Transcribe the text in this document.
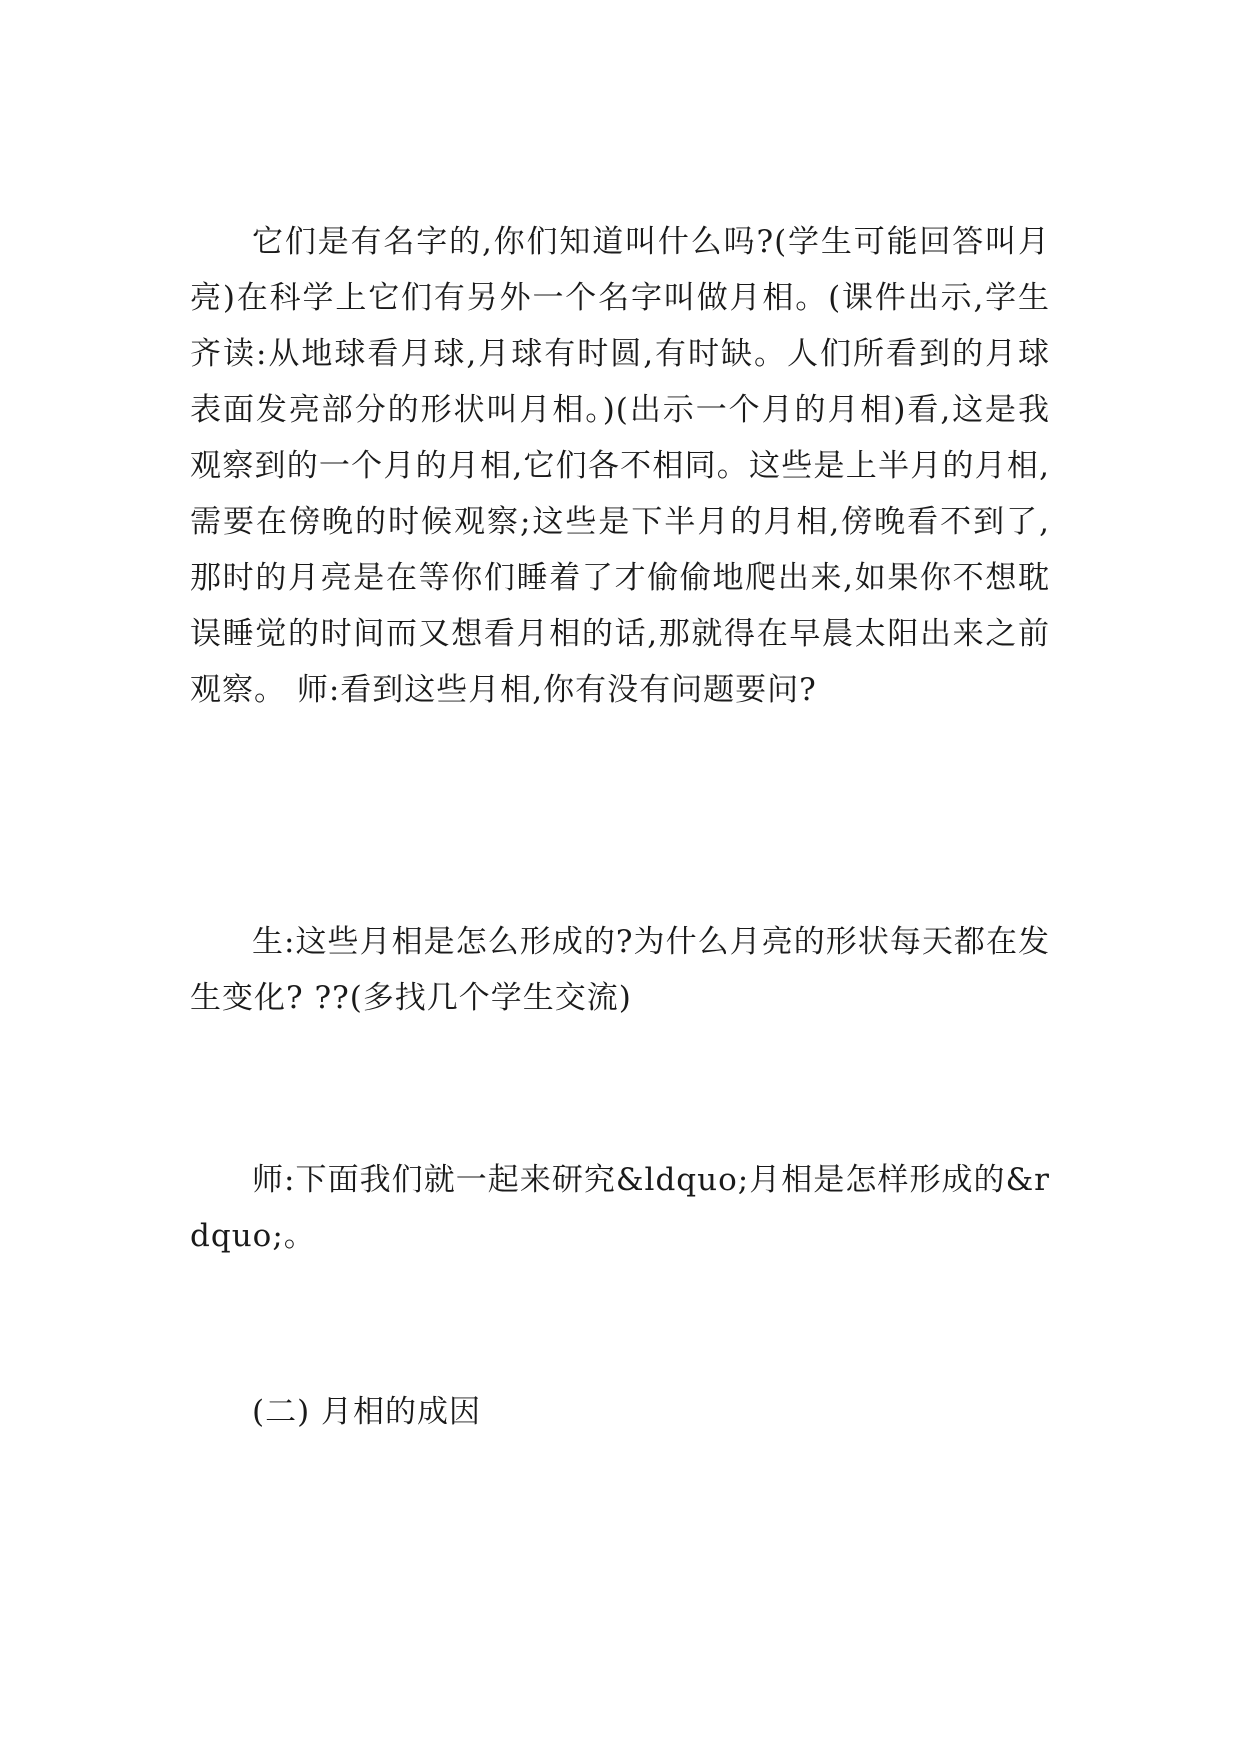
它们是有名字的,你们知道叫什么吗?(学生可能回答叫月亮)在科学上它们有另外一个名字叫做月相。(课件出示,学生齐读:从地球看月球,月球有时圆,有时缺。人们所看到的月球表面发亮部分的形状叫月相。)(出示一个月的月相)看,这是我观察到的一个月的月相,它们各不相同。这些是上半月的月相,需要在傍晚的时候观察;这些是下半月的月相,傍晚看不到了,那时的月亮是在等你们睡着了才偷偷地爬出来,如果你不想耽误睡觉的时间而又想看月相的话,那就得在早晨太阳出来之前观察。 师:看到这些月相,你有没有问题要问?

生:这些月相是怎么形成的?为什么月亮的形状每天都在发生变化? ??(多找几个学生交流)

师:下面我们就一起来研究&ldquo;月相是怎样形成的&rdquo;。

(二) 月相的成因
